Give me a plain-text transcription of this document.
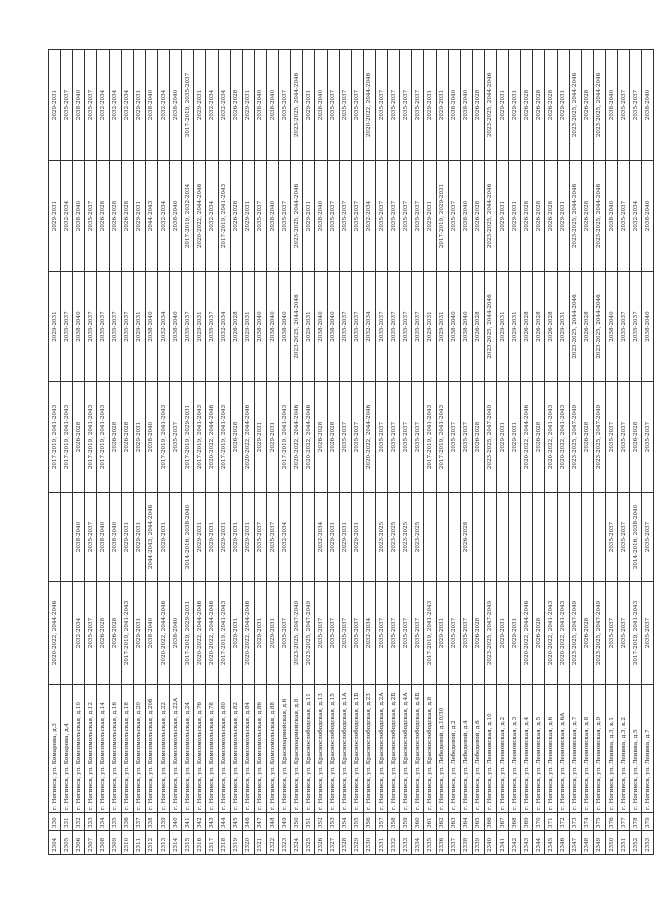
2304	330	г. Ногинск, ул. Комарова, д.3	2020-2022, 2044-2046		2017-2019, 2041-2043	2029-2031	2029-2031	2029-2031
2305	331	г. Ногинск, ул. Комарова, д.4			2017-2019, 2041-2043	2035-2037	2032-2034	2035-2037
2306	332	г. Ногинск, ул. Комсомольская, д.10	2032-2034	2038-2040	2026-2028	2038-2040	2038-2040	2038-2040
2307	333	г. Ногинск, ул. Комсомольская, д.12	2035-2037	2035-2037	2017-2019, 2041-2043	2035-2037	2035-2037	2035-2037
2308	334	г. Ногинск, ул. Комсомольская, д.14	2026-2028	2038-2040	2017-2019, 2041-2043	2035-2037	2026-2028	2032-2034
2309	335	г. Ногинск, ул. Комсомольская, д.16	2026-2028	2038-2040	2026-2028	2035-2037	2026-2028	2032-2034
2310	336	г. Ногинск, ул. Комсомольская, д.18	2017-2019, 2041-2043	2029-2031	2026-2028	2035-2037	2026-2028	2032-2034
2311	337	г. Ногинск, ул. Комсомольская, д.20	2029-2031	2029-2031	2029-2031	2029-2031	2029-2031	2029-2031
2312	338	г. Ногинск, ул. Комсомольская, д.20б	2038-2040	2044-2043, 2044-2046	2038-2040	2038-2040	2044-2043	2038-2040
2313	339	г. Ногинск, ул. Комсомольская, д.22	2020-2022, 2044-2046	2029-2031	2017-2019, 2041-2043	2032-2034	2032-2034	2032-2034
2314	340	г. Ногинск, ул. Комсомольская, д.22А	2038-2040		2035-2037	2038-2040	2038-2040	2038-2040
2315	341	г. Ногинск, ул. Комсомольская, д.24	2017-2019, 2029-2031	2014-2016, 2038-2040	2017-2019, 2029-2031	2035-2037	2017-2019, 2032-2034	2017-2019, 2035-2037
2316	342	г. Ногинск, ул. Комсомольская, д.76	2020-2022, 2044-2046	2029-2031	2017-2019, 2041-2043	2029-2031	2020-2022, 2044-2046	2029-2031
2317	343	г. Ногинск, ул. Комсомольская, д.78	2020-2022, 2044-2046	2029-2031	2020-2022, 2044-2046	2035-2037	2032-2034	2032-2034
2318	344	г. Ногинск, ул. Комсомольская, д.80	2017-2019, 2041-2043	2029-2031	2017-2019, 2041-2043	2032-2034	2017-2019, 2041-2043	2032-2034
2319	345	г. Ногинск, ул. Комсомольская, д.82	2029-2031	2029-2031	2026-2028	2026-2028	2026-2028	2026-2028
2320	346	г. Ногинск, ул. Комсомольская, д.84	2020-2022, 2044-2046	2029-2031	2020-2022, 2044-2046	2029-2031	2029-2031	2029-2031
2321	347	г. Ногинск, ул. Комсомольская, д.86	2029-2031	2035-2037	2029-2031	2038-2040	2035-2037	2038-2040
2322	348	г. Ногинск, ул. Комсомольская, д.88	2029-2031	2035-2037	2029-2031	2038-2040	2038-2040	2038-2040
2323	349	г. Ногинск, ул. Красноармейская, д.6	2035-2037	2032-2034	2017-2019, 2041-2043	2038-2040	2035-2037	2035-2037
2324	350	г. Ногинск, ул. Красноармейская, д.8	2023-2025, 2047-2049		2020-2022, 2044-2046	2023-2025, 2044-2046	2023-2025, 2044-2046	2023-2025, 2044-2046
2325	351	г. Ногинск, ул. Краснослободская, д.11	2023-2025, 2047-2049		2020-2022, 2044-2046	2029-2031	2029-2031	2029-2031
2326	352	г. Ногинск, ул. Краснослободская, д.13	2035-2037	2032-2034	2026-2028	2038-2040	2038-2040	2038-2040
2327	353	г. Ногинск, ул. Краснослободская, д.15	2035-2037	2029-2031	2026-2028	2038-2040	2035-2037	2035-2037
2328	354	г. Ногинск, ул. Краснослободская, д.1А	2035-2037	2029-2031	2035-2037	2035-2037	2035-2037	2035-2037
2329	355	г. Ногинск, ул. Краснослободская, д.1Б	2035-2037	2029-2031	2035-2037	2035-2037	2035-2037	2035-2037
2330	356	г. Ногинск, ул. Краснослободская, д.23	2032-2034		2020-2022, 2044-2046	2032-2034	2032-2034	2020-2022, 2044-2046
2331	357	г. Ногинск, ул. Краснослободская, д.2А	2035-2037	2023-2025	2035-2037	2035-2037	2035-2037	2035-2037
2332	358	г. Ногинск, ул. Краснослободская, д.2Б	2035-2037	2023-2025	2035-2037	2035-2037	2035-2037	2035-2037
2333	359	г. Ногинск, ул. Краснослободская, д.4А	2035-2037	2023-2025	2035-2037	2035-2037	2035-2037	2035-2037
2334	360	г. Ногинск, ул. Краснослободская, д.4Б	2035-2037	2023-2025	2035-2037	2035-2037	2035-2037	2035-2037
2335	361	г. Ногинск, ул. Краснослободская, д.8	2017-2019, 2041-2043		2017-2019, 2041-2043	2029-2031	2029-2031	2029-2031
2336	362	г. Ногинск, ул. Лебедевой, д.10/30	2029-2031		2017-2019, 2041-2043	2029-2031	2017-2019, 2029-2031	2029-2031
2337	363	г. Ногинск, ул. Лебедевой, д.2	2035-2037		2035-2037	2038-2040	2035-2037	2038-2040
2338	364	г. Ногинск, ул. Лебедевой, д.4	2035-2037	2026-2028	2035-2037	2038-2040	2038-2040	2038-2040
2339	365	г. Ногинск, ул. Лебедевой, д.6	2026-2028		2026-2028	2026-2028	2026-2028	2026-2028
2340	366	г. Ногинск, ул. Леоновская, д.10	2023-2025, 2047-2049		2023-2025, 2047-2049	2023-2025, 2044-2046	2023-2025, 2044-2046	2023-2025, 2044-2046
2341	367	г. Ногинск, ул. Леоновская, д.2	2029-2031		2029-2031	2029-2031	2029-2031	2029-2031
2342	368	г. Ногинск, ул. Леоновская, д.3	2029-2031		2029-2031	2029-2031	2029-2031	2029-2031
2343	369	г. Ногинск, ул. Леоновская, д.4	2020-2022, 2044-2046		2020-2022, 2044-2046	2026-2028	2026-2028	2026-2028
2344	370	г. Ногинск, ул. Леоновская, д.5	2026-2028		2026-2028	2026-2028	2026-2028	2026-2028
2345	371	г. Ногинск, ул. Леоновская, д.6	2020-2022, 2041-2043		2020-2022, 2041-2043	2026-2028	2026-2028	2026-2028
2346	372	г. Ногинск, ул. Леоновская, д.6А	2020-2022, 2041-2043		2020-2022, 2041-2043	2029-2031	2029-2031	2029-2031
2347	373	г. Ногинск, ул. Леоновская, д.7	2023-2025, 2047-2049		2023-2025, 2047-2049	2023-2025, 2044-2046	2023-2025, 2044-2046	2023-2025, 2044-2046
2348	374	г. Ногинск, ул. Леоновская, д.8	2026-2028		2026-2028	2026-2028	2026-2028	2026-2028
2349	375	г. Ногинск, ул. Леоновская, д.9	2023-2025, 2047-2049		2023-2025, 2047-2049	2023-2025, 2044-2046	2023-2025, 2044-2046	2023-2025, 2044-2046
2350	376	г. Ногинск, ул. Ленина, д.3, к.1	2035-2037	2035-2037	2035-2037	2038-2040	2038-2040	2038-2040
2351	377	г. Ногинск, ул. Ленина, д.3, к.2	2035-2037	2035-2037	2035-2037	2035-2037	2035-2037	2035-2037
2352	378	г. Ногинск, ул. Ленина, д.5	2017-2019, 2041-2043	2014-2016, 2038-2040	2026-2028	2035-2037	2032-2034	2035-2037
2353	379	г. Ногинск, ул. Ленина, д.7	2035-2037	2035-2037	2035-2037	2038-2040	2038-2040	2038-2040
